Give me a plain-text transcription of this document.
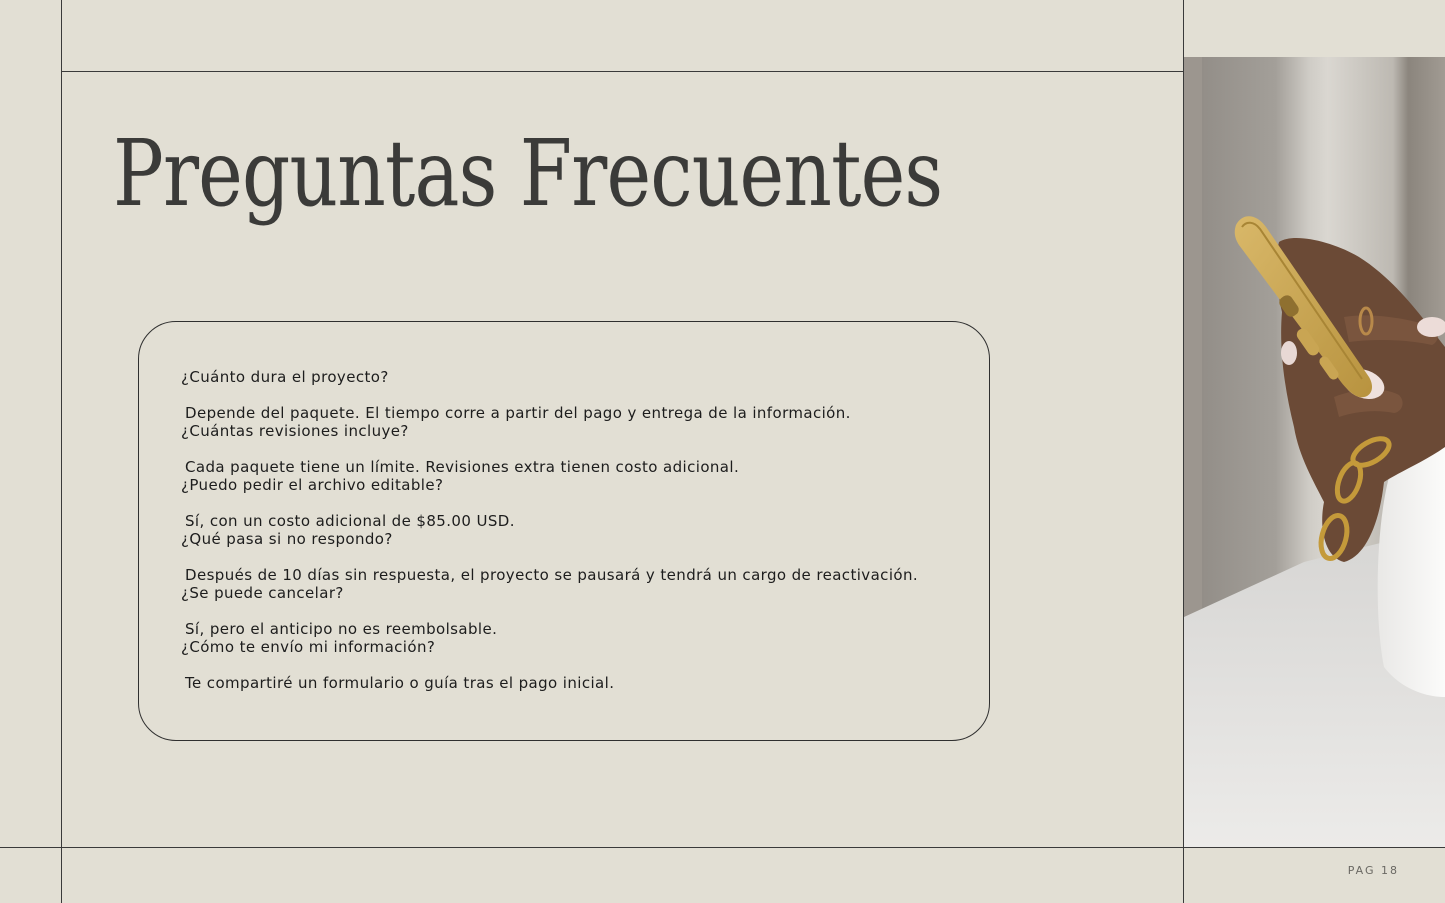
Preguntas Frecuentes
¿Cuánto dura el proyecto?
Depende del paquete. El tiempo corre a partir del pago y entrega de la información.
¿Cuántas revisiones incluye?
Cada paquete tiene un límite. Revisiones extra tienen costo adicional.
¿Puedo pedir el archivo editable?
Sí, con un costo adicional de $85.00 USD.
¿Qué pasa si no respondo?
Después de 10 días sin respuesta, el proyecto se pausará y tendrá un cargo de reactivación.
¿Se puede cancelar?
Sí, pero el anticipo no es reembolsable.
¿Cómo te envío mi información?
Te compartiré un formulario o guía tras el pago inicial.
PAG 18
